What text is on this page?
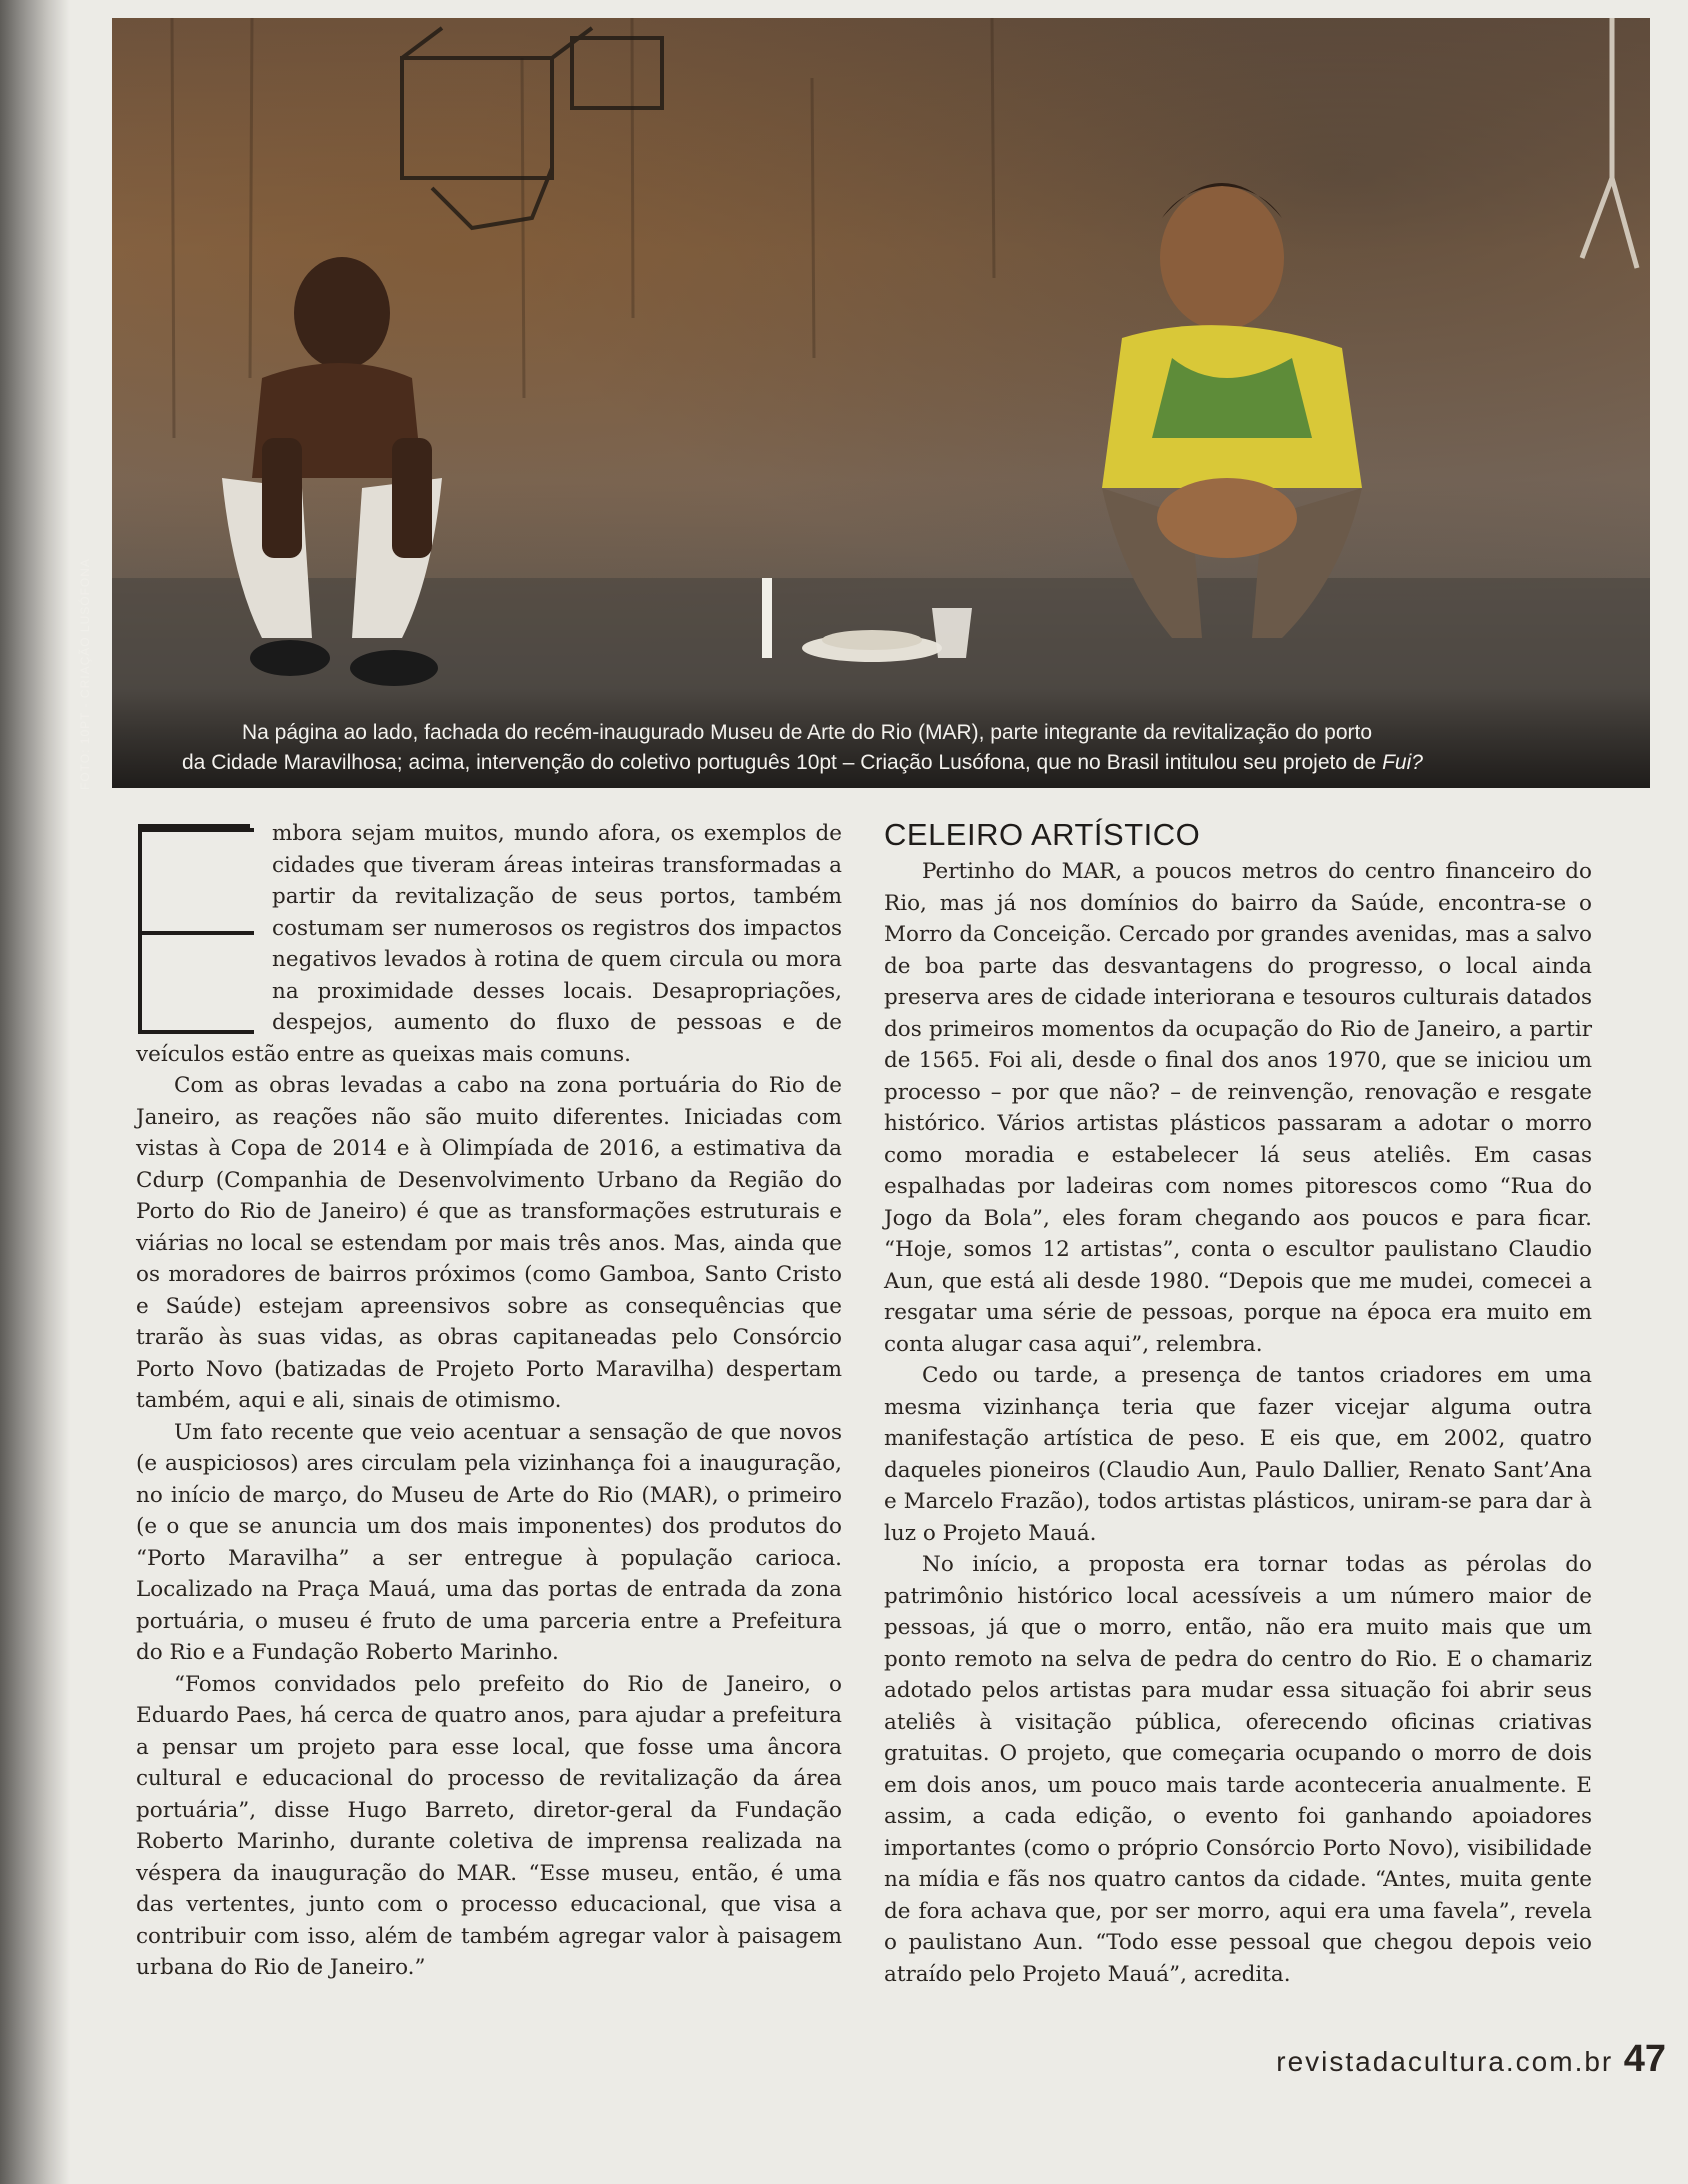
Na página ao lado, fachada do recém-inaugurado Museu de Arte do Rio (MAR), parte integrante da revitalização do porto
da Cidade Maravilhosa; acima, intervenção do coletivo português 10pt – Criação Lusófona, que no Brasil intitulou seu projeto de Fui?
FOTO: 10PT - CRIAÇÃO LUSÓFONA

mbora sejam muitos, mundo afora, os exemplos de cidades que tiveram áreas inteiras transformadas a partir da revitalização de seus portos, também costumam ser numerosos os registros dos impactos negativos levados à rotina de quem circula ou mora na proximidade desses locais. Desapropriações, despejos, aumento do fluxo de pessoas e de veículos estão entre as queixas mais comuns.

Com as obras levadas a cabo na zona portuária do Rio de Janeiro, as reações não são muito diferentes. Iniciadas com vistas à Copa de 2014 e à Olimpíada de 2016, a estimativa da Cdurp (Companhia de Desenvolvimento Urbano da Região do Porto do Rio de Janeiro) é que as transformações estruturais e viárias no local se estendam por mais três anos. Mas, ainda que os moradores de bairros próximos (como Gamboa, Santo Cristo e Saúde) estejam apreensivos sobre as consequências que trarão às suas vidas, as obras capitaneadas pelo Consórcio Porto Novo (batizadas de Projeto Porto Maravilha) despertam também, aqui e ali, sinais de otimismo.

Um fato recente que veio acentuar a sensação de que novos (e auspiciosos) ares circulam pela vizinhança foi a inauguração, no início de março, do Museu de Arte do Rio (MAR), o primeiro (e o que se anuncia um dos mais imponentes) dos produtos do “Porto Maravilha” a ser entregue à população carioca. Localizado na Praça Mauá, uma das portas de entrada da zona portuária, o museu é fruto de uma parceria entre a Prefeitura do Rio e a Fundação Roberto Marinho.

“Fomos convidados pelo prefeito do Rio de Janeiro, o Eduardo Paes, há cerca de quatro anos, para ajudar a prefeitura a pensar um projeto para esse local, que fosse uma âncora cultural e educacional do processo de revitalização da área portuária”, disse Hugo Barreto, diretor-geral da Fundação Roberto Marinho, durante coletiva de imprensa realizada na véspera da inauguração do MAR. “Esse museu, então, é uma das vertentes, junto com o processo educacional, que visa a contribuir com isso, além de também agregar valor à paisagem urbana do Rio de Janeiro.”

CELEIRO ARTÍSTICO

Pertinho do MAR, a poucos metros do centro financeiro do Rio, mas já nos domínios do bairro da Saúde, encontra-se o Morro da Conceição. Cercado por grandes avenidas, mas a salvo de boa parte das desvantagens do progresso, o local ainda preserva ares de cidade interiorana e tesouros culturais datados dos primeiros momentos da ocupação do Rio de Janeiro, a partir de 1565. Foi ali, desde o final dos anos 1970, que se iniciou um processo – por que não? – de reinvenção, renovação e resgate histórico. Vários artistas plásticos passaram a adotar o morro como moradia e estabelecer lá seus ateliês. Em casas espalhadas por ladeiras com nomes pitorescos como “Rua do Jogo da Bola”, eles foram chegando aos poucos e para ficar. “Hoje, somos 12 artistas”, conta o escultor paulistano Claudio Aun, que está ali desde 1980. “Depois que me mudei, comecei a resgatar uma série de pessoas, porque na época era muito em conta alugar casa aqui”, relembra.

Cedo ou tarde, a presença de tantos criadores em uma mesma vizinhança teria que fazer vicejar alguma outra manifestação artística de peso. E eis que, em 2002, quatro daqueles pioneiros (Claudio Aun, Paulo Dallier, Renato Sant’Ana e Marcelo Frazão), todos artistas plásticos, uniram-se para dar à luz o Projeto Mauá.

No início, a proposta era tornar todas as pérolas do patrimônio histórico local acessíveis a um número maior de pessoas, já que o morro, então, não era muito mais que um ponto remoto na selva de pedra do centro do Rio. E o chamariz adotado pelos artistas para mudar essa situação foi abrir seus ateliês à visitação pública, oferecendo oficinas criativas gratuitas. O projeto, que começaria ocupando o morro de dois em dois anos, um pouco mais tarde aconteceria anualmente. E assim, a cada edição, o evento foi ganhando apoiadores importantes (como o próprio Consórcio Porto Novo), visibilidade na mídia e fãs nos quatro cantos da cidade. “Antes, muita gente de fora achava que, por ser morro, aqui era uma favela”, revela o paulistano Aun. “Todo esse pessoal que chegou depois veio atraído pelo Projeto Mauá”, acredita.

revistadacultura.com.br 47
